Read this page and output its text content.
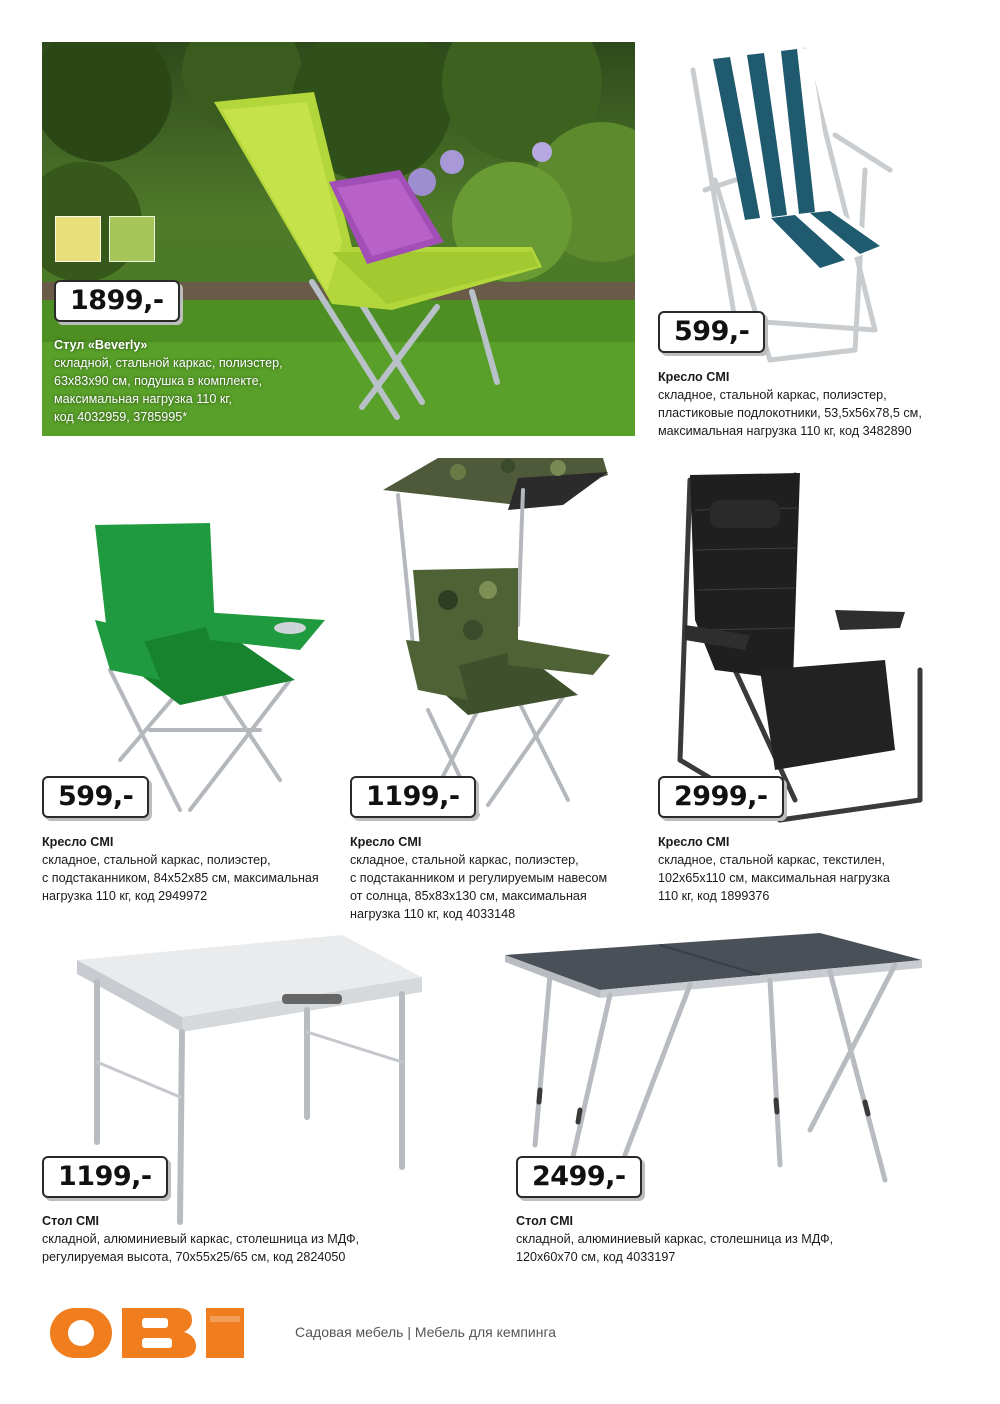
1899,-
Стул «Beverly»
складной, стальной каркас, полиэстер,
63х83х90 см, подушка в комплекте,
максимальная нагрузка 110 кг,
код 4032959, 3785995*
599,-
Кресло CMI
складное, стальной каркас, полиэстер,
пластиковые подлокотники, 53,5х56х78,5 см,
максимальная нагрузка 110 кг, код 3482890
599,-
Кресло CMI
складное, стальной каркас, полиэстер,
с подстаканником, 84х52х85 см, максимальная
нагрузка 110 кг, код 2949972
1199,-
Кресло CMI
складное, стальной каркас, полиэстер,
с подстаканником и регулируемым навесом
от солнца, 85х83х130 см, максимальная
нагрузка 110 кг, код 4033148
2999,-
Кресло CMI
складное, стальной каркас, текстилен,
102х65х110 см, максимальная нагрузка
110 кг, код 1899376
1199,-
Стол CMI
складной, алюминиевый каркас, столешница из МДФ,
регулируемая высота, 70х55х25/65 см, код 2824050
2499,-
Стол CMI
складной, алюминиевый каркас, столешница из МДФ,
120х60х70 см, код 4033197
Садовая мебель | Мебель для кемпинга
